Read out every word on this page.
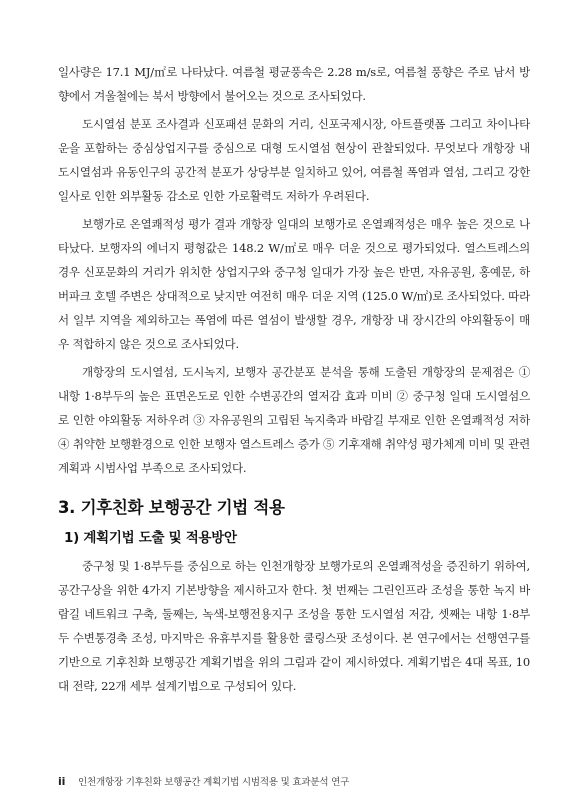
일사량은 17.1 MJ/㎡로 나타났다. 여름철 평균풍속은 2.28 m/s로, 여름철 풍향은 주로 남서 방향에서 겨울철에는 북서 방향에서 불어오는 것으로 조사되었다.

도시열섬 분포 조사결과 신포패션 문화의 거리, 신포국제시장, 아트플랫폼 그리고 차이나타운을 포함하는 중심상업지구를 중심으로 대형 도시열섬 현상이 관찰되었다. 무엇보다 개항장 내 도시열섬과 유동인구의 공간적 분포가 상당부분 일치하고 있어, 여름철 폭염과 열섬, 그리고 강한 일사로 인한 외부활동 감소로 인한 가로활력도 저하가 우려된다.

보행가로 온열쾌적성 평가 결과 개항장 일대의 보행가로 온열쾌적성은 매우 높은 것으로 나타났다. 보행자의 에너지 평형값은 148.2 W/㎡로 매우 더운 것으로 평가되었다. 열스트레스의 경우 신포문화의 거리가 위치한 상업지구와 중구청 일대가 가장 높은 반면, 자유공원, 홍예문, 하버파크 호텔 주변은 상대적으로 낮지만 여전히 매우 더운 지역 (125.0 W/㎡)로 조사되었다. 따라서 일부 지역을 제외하고는 폭염에 따른 열섬이 발생할 경우, 개항장 내 장시간의 야외활동이 매우 적합하지 않은 것으로 조사되었다.

개항장의 도시열섬, 도시녹지, 보행자 공간분포 분석을 통해 도출된 개항장의 문제점은 ① 내항 1·8부두의 높은 표면온도로 인한 수변공간의 열저감 효과 미비 ② 중구청 일대 도시열섬으로 인한 야외활동 저하우려 ③ 자유공원의 고립된 녹지축과 바람길 부재로 인한 온열쾌적성 저하 ④ 취약한 보행환경으로 인한 보행자 열스트레스 증가 ⑤ 기후재해 취약성 평가체계 미비 및 관련 계획과 시범사업 부족으로 조사되었다.

3. 기후친화 보행공간 기법 적용
1) 계획기법 도출 및 적용방안

중구청 및 1·8부두를 중심으로 하는 인천개항장 보행가로의 온열쾌적성을 증진하기 위하여, 공간구상을 위한 4가지 기본방향을 제시하고자 한다. 첫 번째는 그린인프라 조성을 통한 녹지 바람길 네트워크 구축, 둘째는, 녹색-보행전용지구 조성을 통한 도시열섬 저감, 셋째는 내항 1·8부두 수변통경축 조성, 마지막은 유휴부지를 활용한 쿨링스팟 조성이다. 본 연구에서는 선행연구를 기반으로 기후친화 보행공간 계획기법을 위의 그림과 같이 제시하였다. 계획기법은 4대 목표, 10대 전략, 22개 세부 설계기법으로 구성되어 있다.

ii 인천개항장 기후친화 보행공간 계획기법 시범적용 및 효과분석 연구
